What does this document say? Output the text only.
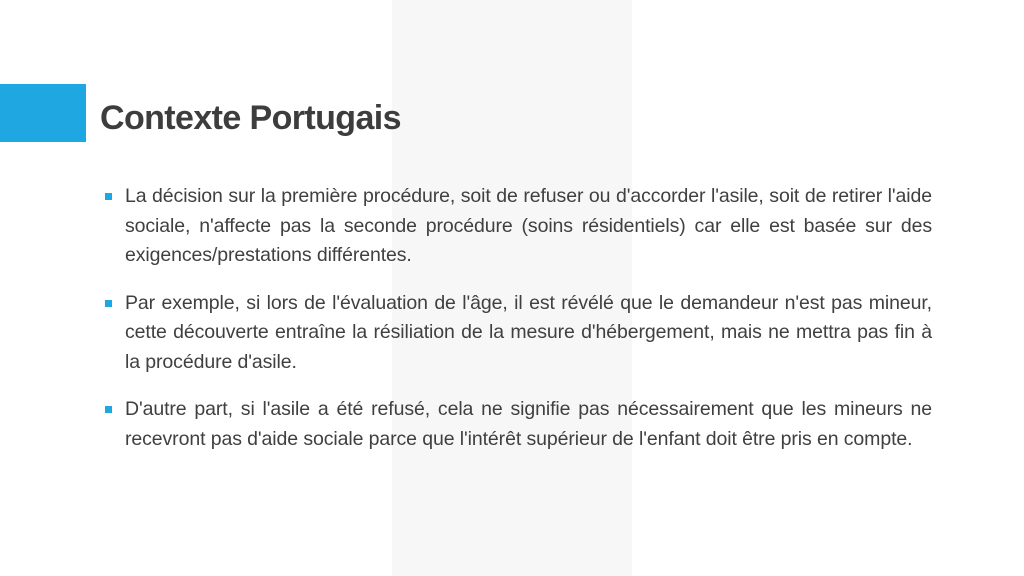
Contexte Portugais
La décision sur la première procédure, soit de refuser ou d'accorder l'asile, soit de retirer l'aide sociale, n'affecte pas la seconde procédure (soins résidentiels) car elle est basée sur des exigences/prestations différentes.
Par exemple, si lors de l'évaluation de l'âge, il est révélé que le demandeur n'est pas mineur, cette découverte entraîne la résiliation de la mesure d'hébergement, mais ne mettra pas fin à la procédure d'asile.
D'autre part, si l'asile a été refusé, cela ne signifie pas nécessairement que les mineurs ne recevront pas d'aide sociale parce que l'intérêt supérieur de l'enfant doit être pris en compte.
